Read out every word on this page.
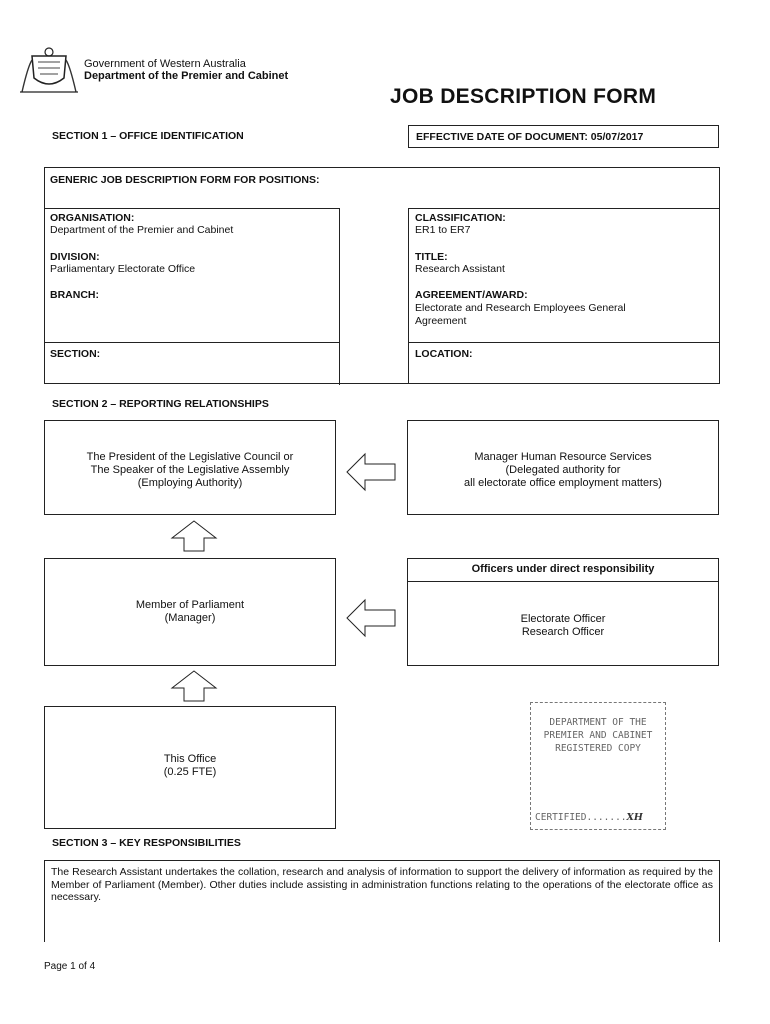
Government of Western Australia
Department of the Premier and Cabinet
JOB DESCRIPTION FORM
SECTION 1 – OFFICE IDENTIFICATION	EFFECTIVE DATE OF DOCUMENT: 05/07/2017
GENERIC JOB DESCRIPTION FORM FOR POSITIONS:
ORGANISATION:
Department of the Premier and Cabinet
DIVISION:
Parliamentary Electorate Office
BRANCH:
SECTION:
CLASSIFICATION:
ER1 to ER7
TITLE:
Research Assistant
AGREEMENT/AWARD:
Electorate and Research Employees General
Agreement
LOCATION:
SECTION 2 – REPORTING RELATIONSHIPS
The President of the Legislative Council or
The Speaker of the Legislative Assembly
(Employing Authority)
Manager Human Resource Services
(Delegated authority for
all electorate office employment matters)
Member of Parliament
(Manager)
Officers under direct responsibility
Electorate Officer
Research Officer
This Office
(0.25 FTE)
DEPARTMENT OF THE
PREMIER AND CABINET
REGISTERED COPY
CERTIFIED.......XH
SECTION 3 – KEY RESPONSIBILITIES
The Research Assistant undertakes the collation, research and analysis of information to support the delivery of information as required by the Member of Parliament (Member). Other duties include assisting in administration functions relating to the operations of the electorate office as necessary.
Page 1 of 4
